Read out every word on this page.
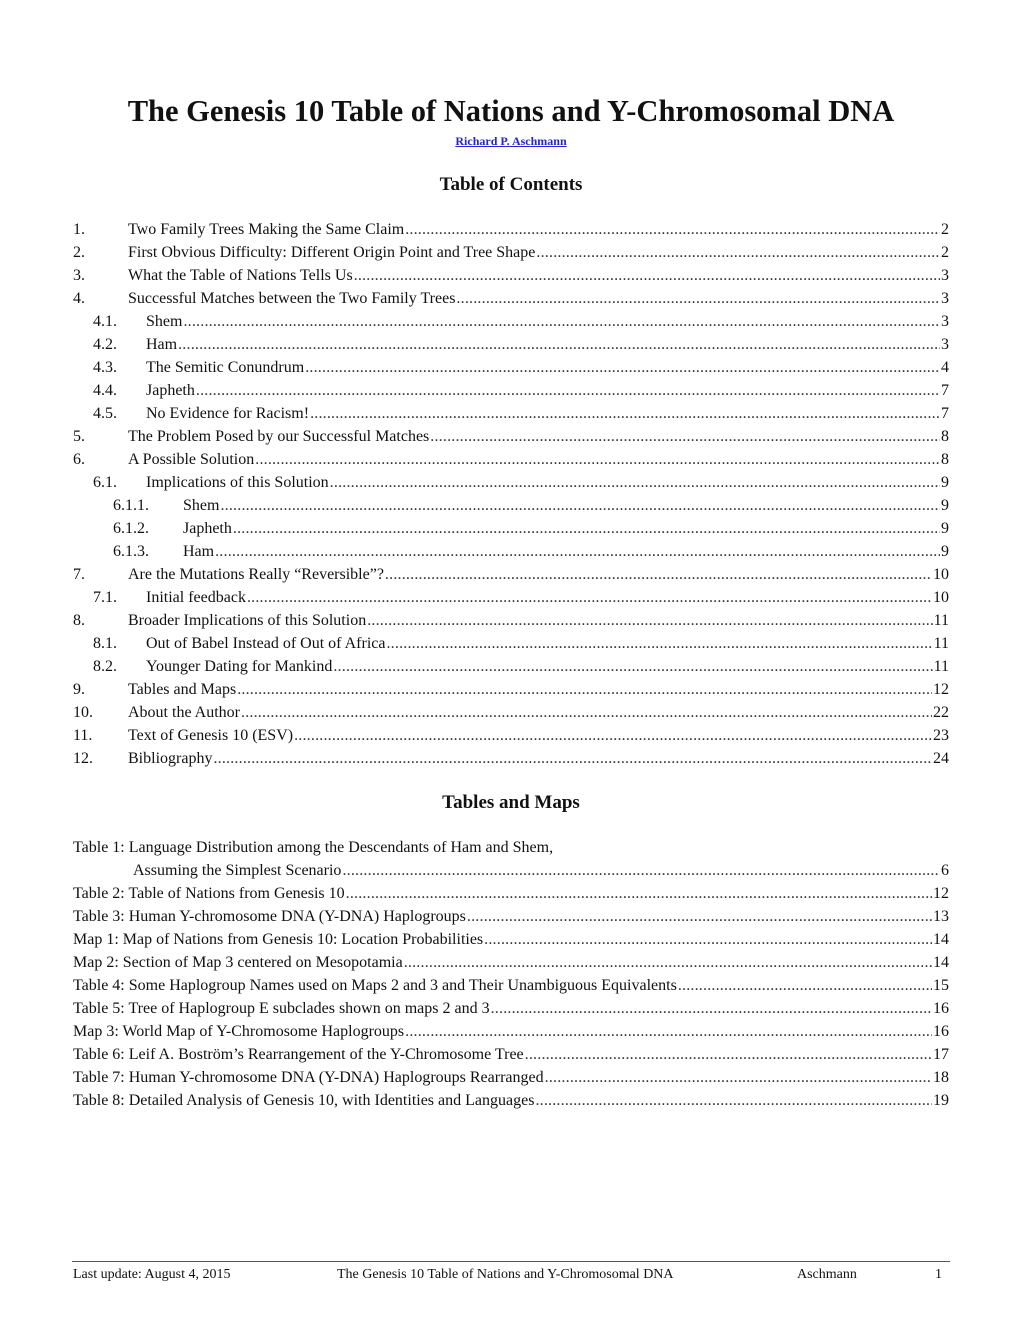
The Genesis 10 Table of Nations and Y-Chromosomal DNA
Richard P. Aschmann
Table of Contents
1.	Two Family Trees Making the Same Claim .....	2
2.	First Obvious Difficulty: Different Origin Point and Tree Shape .....	2
3.	What the Table of Nations Tells Us .....	3
4.	Successful Matches between the Two Family Trees .....	3
4.1.	Shem .....	3
4.2.	Ham .....	3
4.3.	The Semitic Conundrum .....	4
4.4.	Japheth .....	7
4.5.	No Evidence for Racism! .....	7
5.	The Problem Posed by our Successful Matches .....	8
6.	A Possible Solution .....	8
6.1.	Implications of this Solution .....	9
6.1.1.	Shem .....	9
6.1.2.	Japheth .....	9
6.1.3.	Ham .....	9
7.	Are the Mutations Really “Reversible”? .....	10
7.1.	Initial feedback .....	10
8.	Broader Implications of this Solution .....	11
8.1.	Out of Babel Instead of Out of Africa .....	11
8.2.	Younger Dating for Mankind .....	11
9.	Tables and Maps .....	12
10.	About the Author .....	22
11.	Text of Genesis 10 (ESV) .....	23
12.	Bibliography .....	24
Tables and Maps
Table 1: Language Distribution among the Descendants of Ham and Shem,
Assuming the Simplest Scenario .....	6
Table 2: Table of Nations from Genesis 10 .....	12
Table 3: Human Y-chromosome DNA (Y-DNA) Haplogroups .....	13
Map 1: Map of Nations from Genesis 10: Location Probabilities .....	14
Map 2: Section of Map 3 centered on Mesopotamia .....	14
Table 4: Some Haplogroup Names used on Maps 2 and 3 and Their Unambiguous Equivalents .....	15
Table 5: Tree of Haplogroup E subclades shown on maps 2 and 3 .....	16
Map 3: World Map of Y-Chromosome Haplogroups .....	16
Table 6: Leif A. Boström’s Rearrangement of the Y-Chromosome Tree .....	17
Table 7: Human Y-chromosome DNA (Y-DNA) Haplogroups Rearranged .....	18
Table 8: Detailed Analysis of Genesis 10, with Identities and Languages .....	19
Last update: August 4, 2015	The Genesis 10 Table of Nations and Y-Chromosomal DNA	Aschmann	1
